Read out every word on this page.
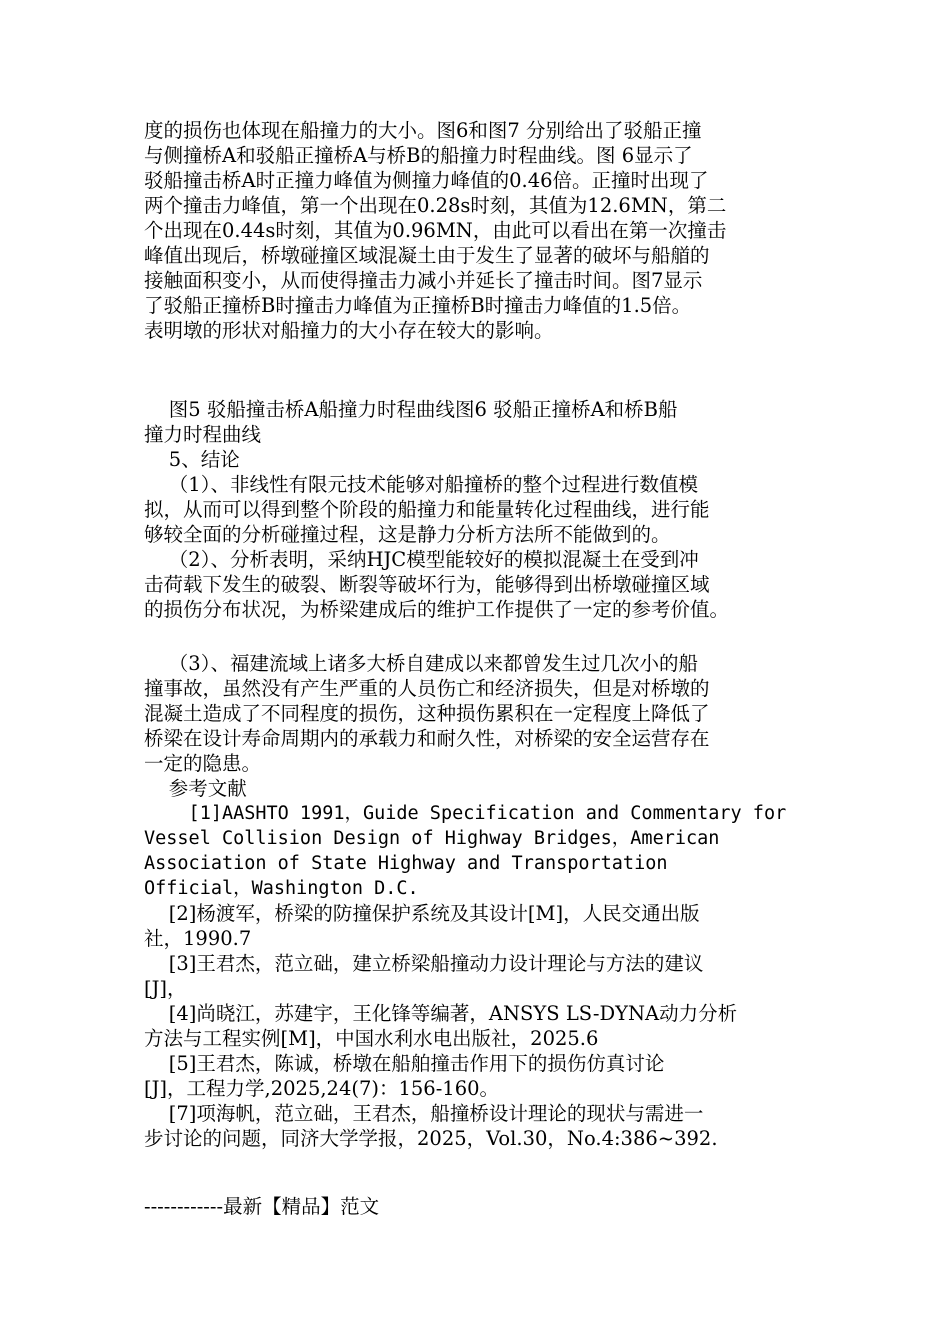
度的损伤也体现在船撞力的大小。图6和图7 分别给出了驳船正撞
与侧撞桥A和驳船正撞桥A与桥B的船撞力时程曲线。图 6显示了
驳船撞击桥A时正撞力峰值为侧撞力峰值的0.46倍。正撞时出现了
两个撞击力峰值，第一个出现在0.28s时刻，其值为12.6MN，第二
个出现在0.44s时刻，其值为0.96MN，由此可以看出在第一次撞击
峰值出现后，桥墩碰撞区域混凝土由于发生了显著的破坏与船艏的
接触面积变小，从而使得撞击力减小并延长了撞击时间。图7显示
了驳船正撞桥B时撞击力峰值为正撞桥B时撞击力峰值的1.5倍。
表明墩的形状对船撞力的大小存在较大的影响。
图5 驳船撞击桥A船撞力时程曲线图6 驳船正撞桥A和桥B船
撞力时程曲线
5、结论
（1）、非线性有限元技术能够对船撞桥的整个过程进行数值模
拟，从而可以得到整个阶段的船撞力和能量转化过程曲线，进行能
够较全面的分析碰撞过程，这是静力分析方法所不能做到的。
（2）、分析表明，采纳HJC模型能较好的模拟混凝土在受到冲
击荷载下发生的破裂、断裂等破坏行为，能够得到出桥墩碰撞区域
的损伤分布状况，为桥梁建成后的维护工作提供了一定的参考价值。
（3）、福建流域上诸多大桥自建成以来都曾发生过几次小的船
撞事故，虽然没有产生严重的人员伤亡和经济损失，但是对桥墩的
混凝土造成了不同程度的损伤，这种损伤累积在一定程度上降低了
桥梁在设计寿命周期内的承载力和耐久性，对桥梁的安全运营存在
一定的隐患。
参考文献
[1]AASHTO 1991，Guide Specification and Commentary for
Vessel Collision Design of Highway Bridges，American
Association of State Highway and Transportation
Official，Washington D.C.
[2]杨渡军，桥梁的防撞保护系统及其设计[M]，人民交通出版
社，1990.7
[3]王君杰，范立础，建立桥梁船撞动力设计理论与方法的建议
[J]，
[4]尚晓江，苏建宇，王化锋等编著，ANSYS LS-DYNA动力分析
方法与工程实例[M]，中国水利水电出版社，2025.6
[5]王君杰，陈诚，桥墩在船舶撞击作用下的损伤仿真讨论
[J]，工程力学,2025,24(7)：156-160。
[7]项海帆，范立础，王君杰，船撞桥设计理论的现状与需进一
步讨论的问题，同济大学学报，2025，Vol.30，No.4:386~392.
------------最新【精品】范文
